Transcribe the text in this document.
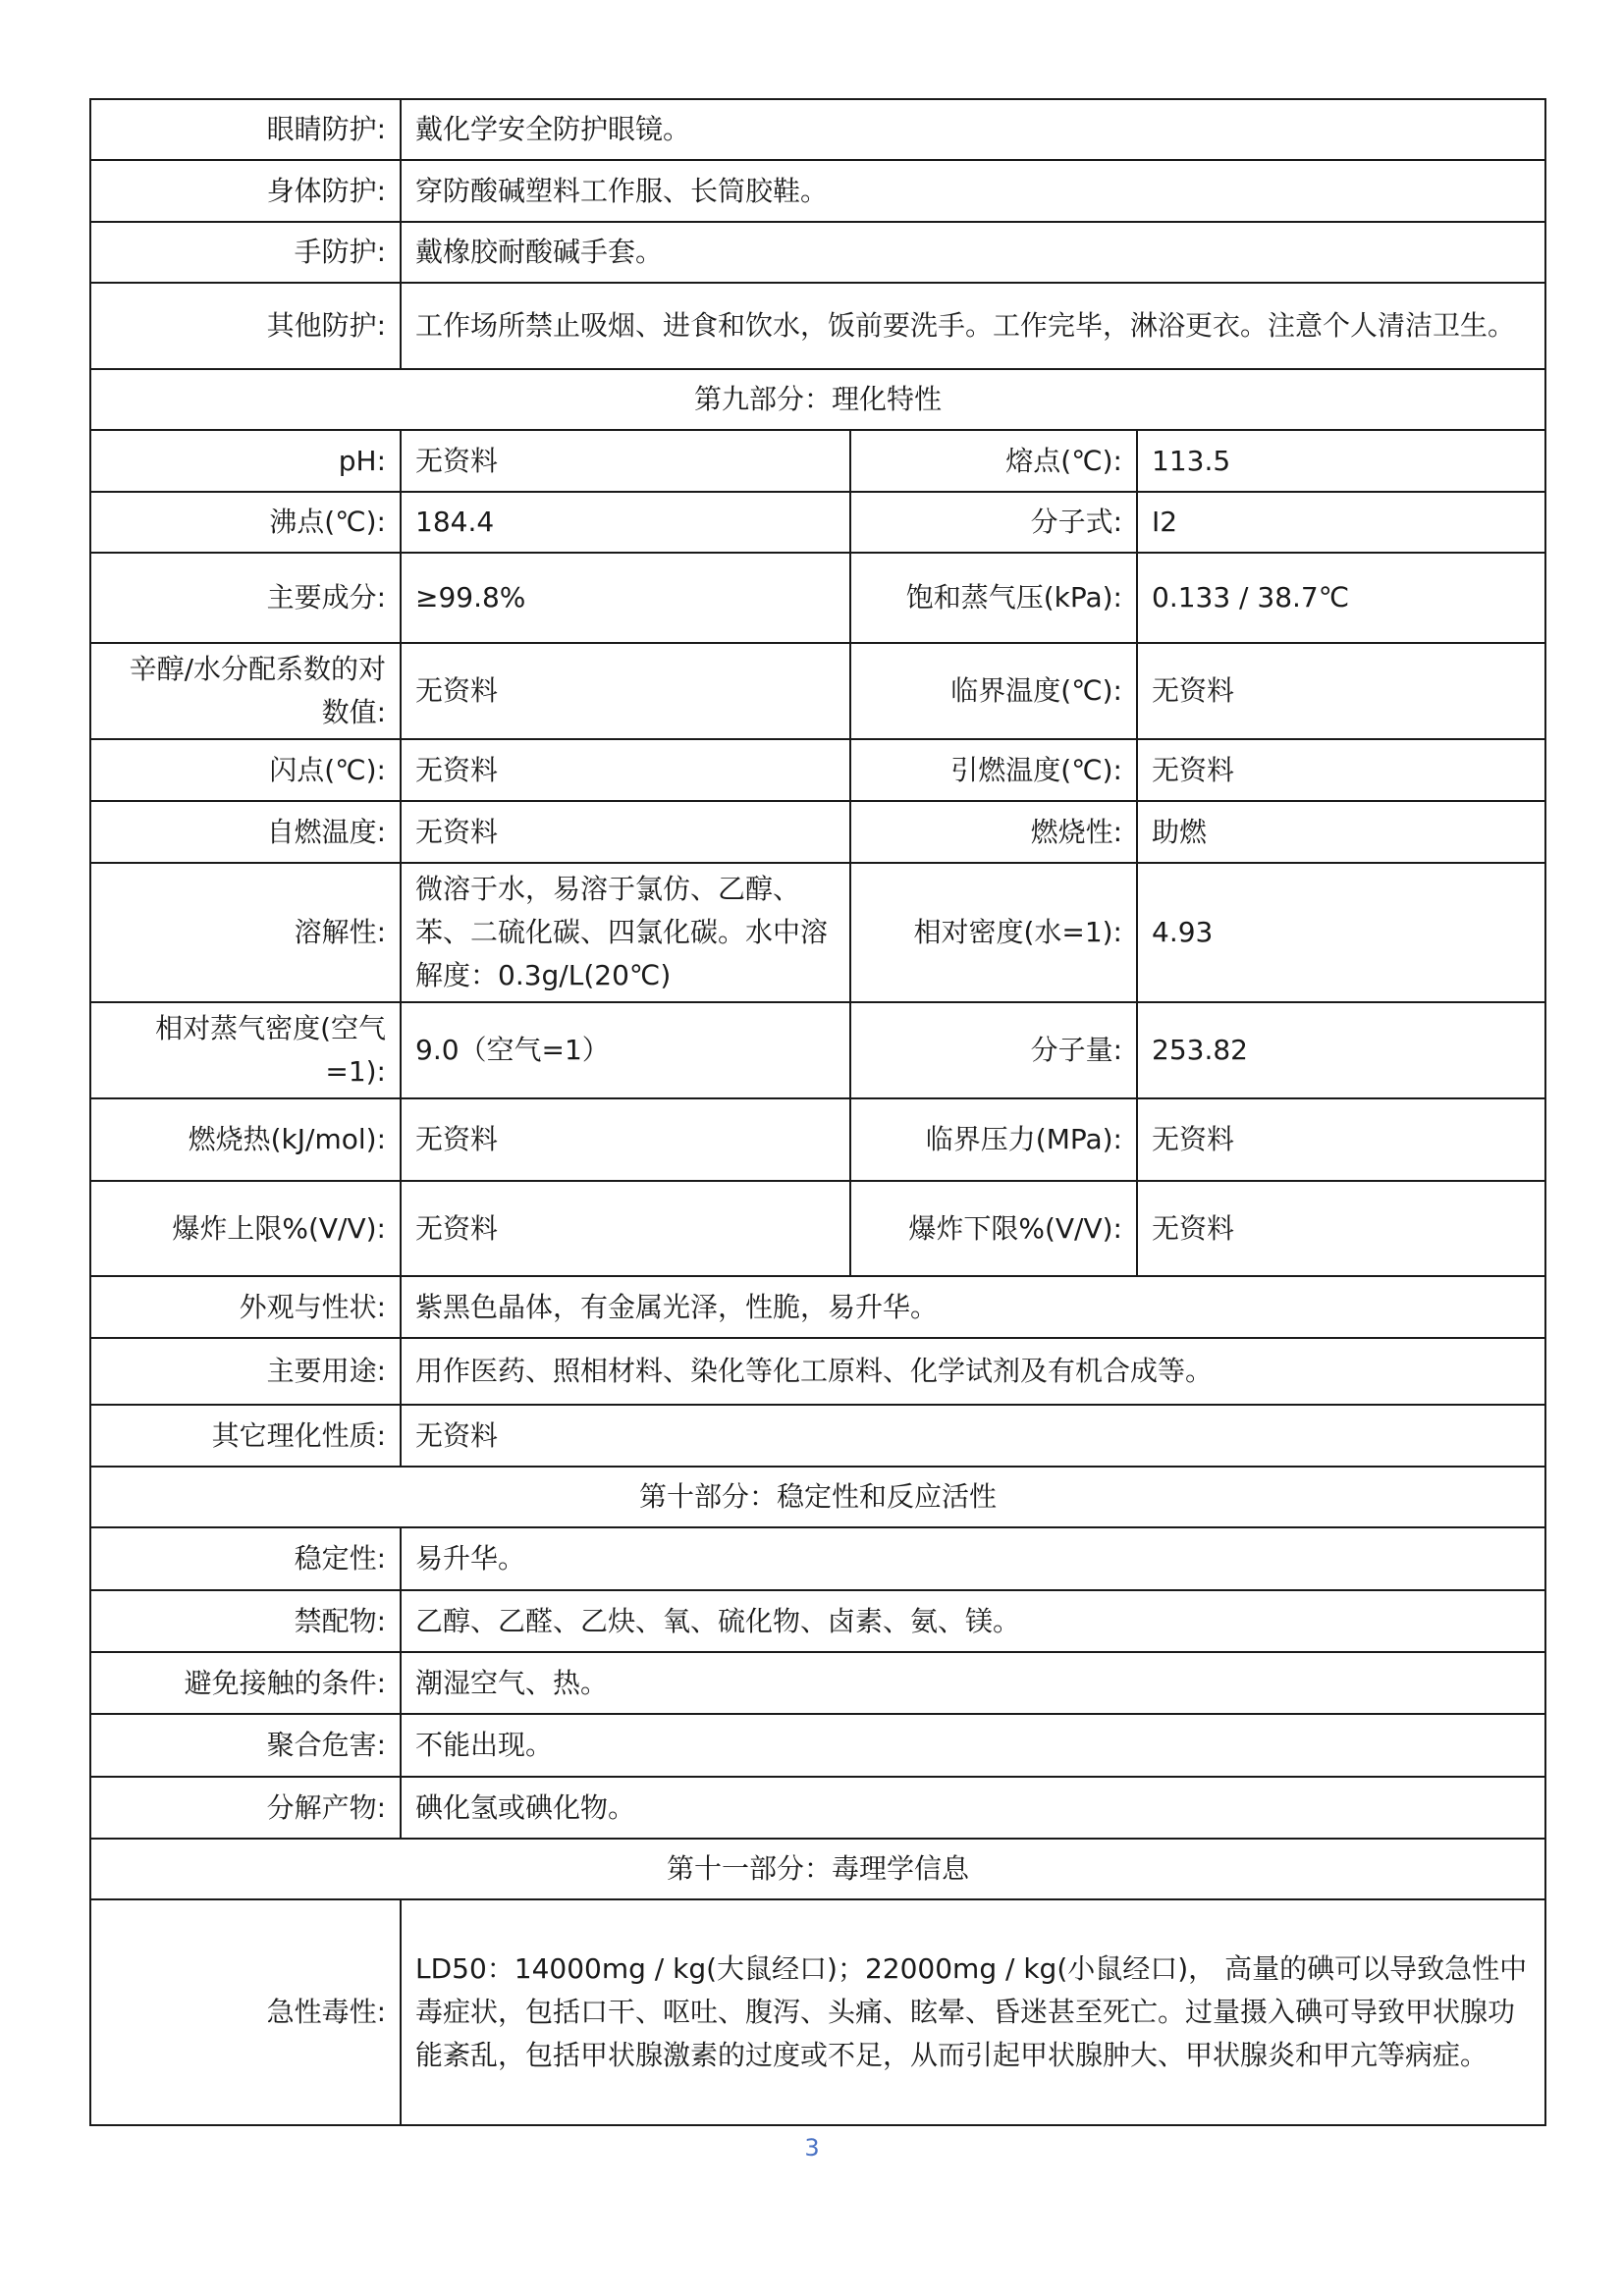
眼睛防护:	戴化学安全防护眼镜。		
身体防护:	穿防酸碱塑料工作服、长筒胶鞋。		
手防护:	戴橡胶耐酸碱手套。		
其他防护:	工作场所禁止吸烟、进食和饮水，饭前要洗手。工作完毕，淋浴更衣。注意个人清洁卫生。		
第九部分：理化特性			
pH:	无资料	熔点(℃):	113.5
沸点(℃):	184.4	分子式:	I2
主要成分:	≥99.8%	饱和蒸气压(kPa):	0.133 / 38.7℃
辛醇/水分配系数的对数值:	无资料	临界温度(℃):	无资料
闪点(℃):	无资料	引燃温度(℃):	无资料
自燃温度:	无资料	燃烧性:	助燃
溶解性:	微溶于水，易溶于氯仿、乙醇、苯、二硫化碳、四氯化碳。水中溶解度：0.3g/L(20℃)	相对密度(水=1):	4.93
相对蒸气密度(空气=1):	9.0（空气=1）	分子量:	253.82
燃烧热(kJ/mol):	无资料	临界压力(MPa):	无资料
爆炸上限%(V/V):	无资料	爆炸下限%(V/V):	无资料
外观与性状:	紫黑色晶体，有金属光泽，性脆，易升华。		
主要用途:	用作医药、照相材料、染化等化工原料、化学试剂及有机合成等。		
其它理化性质:	无资料		
第十部分：稳定性和反应活性			
稳定性:	易升华。		
禁配物:	乙醇、乙醛、乙炔、氧、硫化物、卤素、氨、镁。		
避免接触的条件:	潮湿空气、热。		
聚合危害:	不能出现。		
分解产物:	碘化氢或碘化物。		
第十一部分：毒理学信息			
急性毒性:	LD50：14000mg / kg(大鼠经口)；22000mg / kg(小鼠经口)， 高量的碘可以导致急性中毒症状，包括口干、呕吐、腹泻、头痛、眩晕、昏迷甚至死亡。过量摄入碘可导致甲状腺功能紊乱，包括甲状腺激素的过度或不足，从而引起甲状腺肿大、甲状腺炎和甲亢等病症。		
3
